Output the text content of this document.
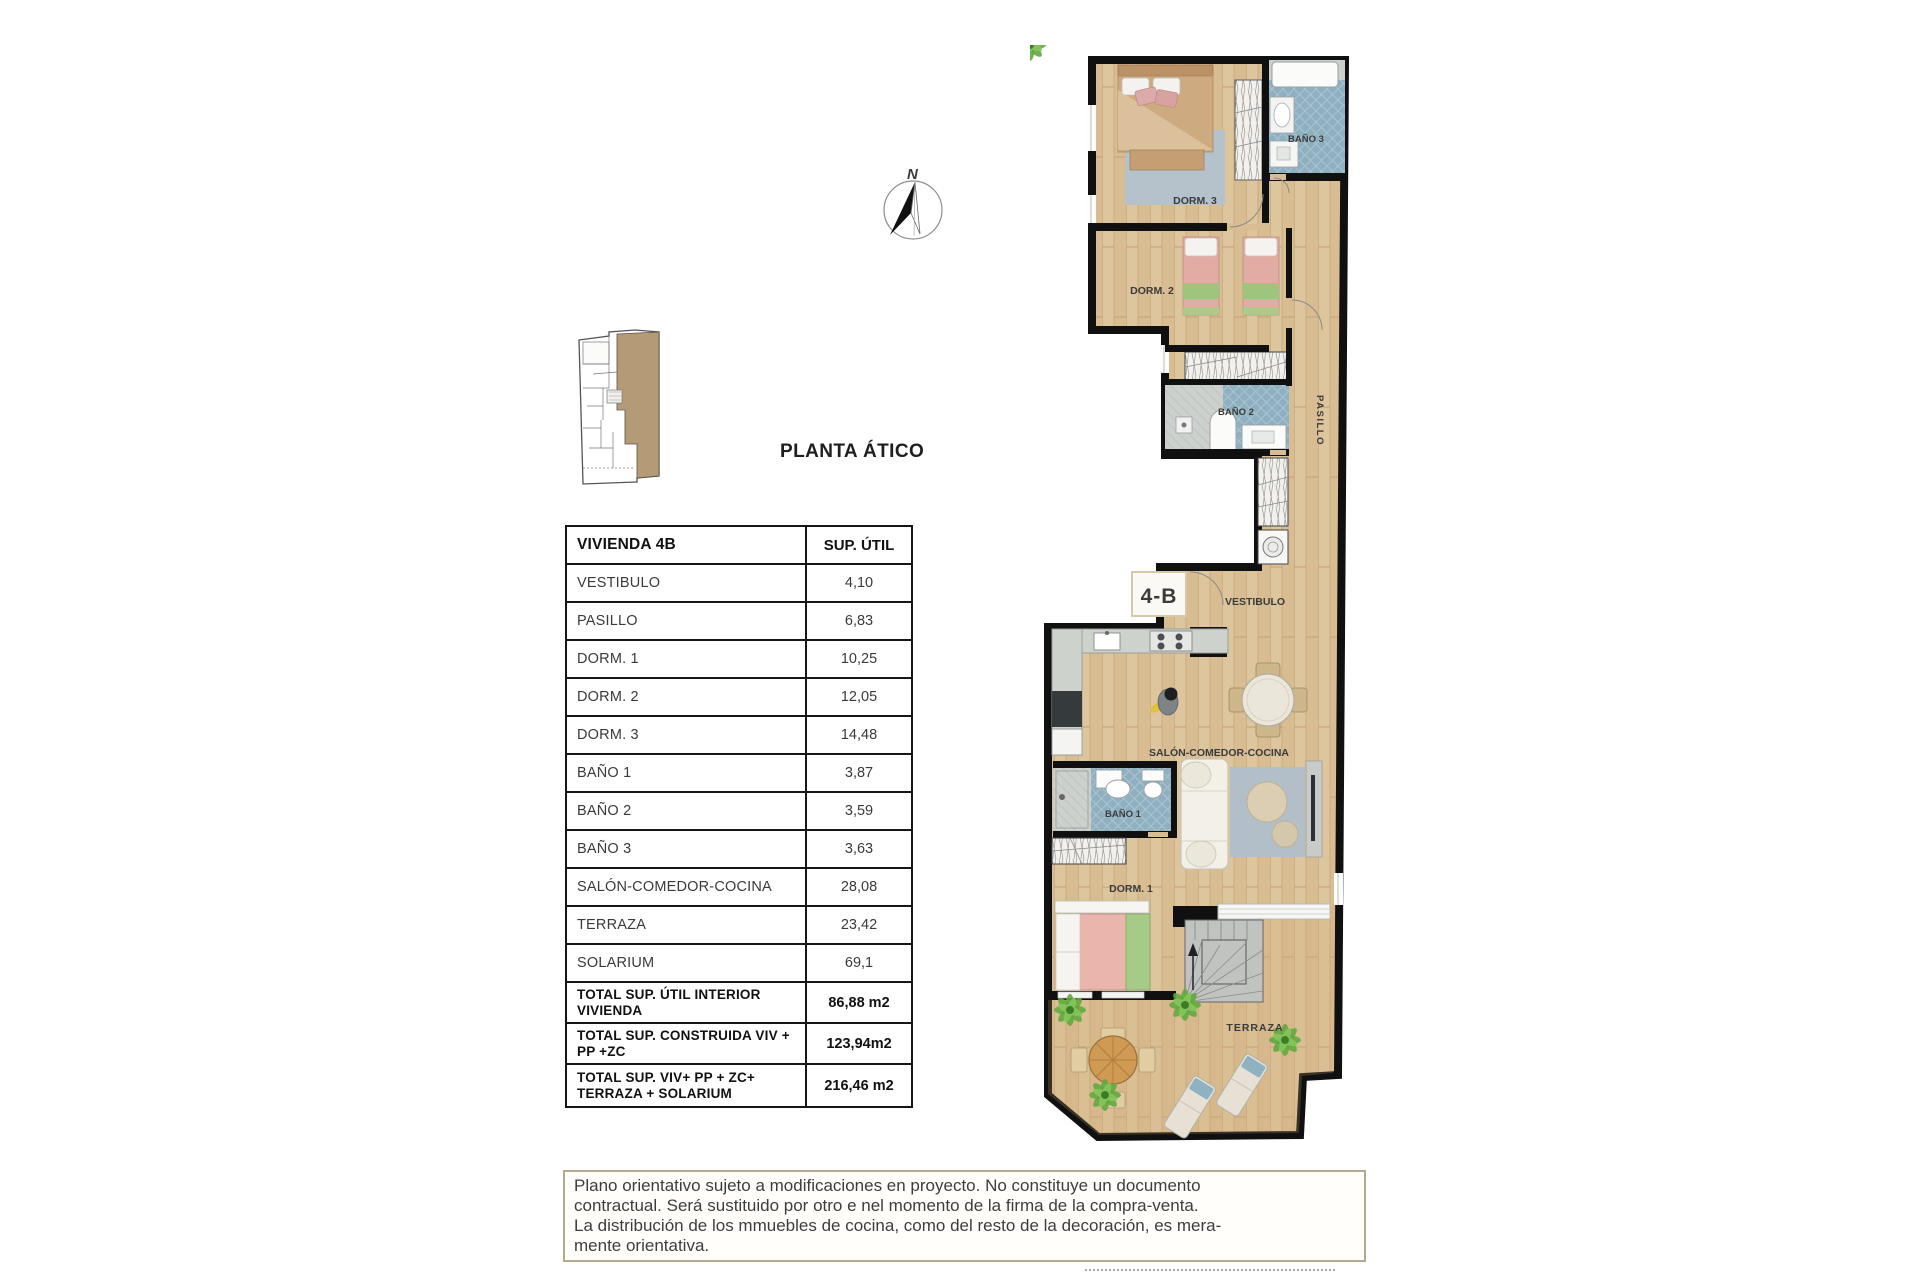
PLANTA ÁTICO
N
VIVIENDA 4B	SUP. ÚTIL
VESTIBULO	4,10
PASILLO	6,83
DORM. 1	10,25
DORM. 2	12,05
DORM. 3	14,48
BAÑO 1	3,87
BAÑO 2	3,59
BAÑO 3	3,63
SALÓN-COMEDOR-COCINA	28,08
TERRAZA	23,42
SOLARIUM	69,1
TOTAL SUP. ÚTIL INTERIOR VIVIENDA	86,88 m2
TOTAL SUP. CONSTRUIDA VIV + PP +ZC	123,94m2
TOTAL SUP. VIV+ PP + ZC+ TERRAZA + SOLARIUM	216,46 m2
4-B
DORM. 3
BAÑO 3
DORM. 2
BAÑO 2	PASILLO
VESTIBULO
SALÓN-COMEDOR-COCINA
BAÑO 1
DORM. 1
TERRAZA
Plano orientativo sujeto a modificaciones en proyecto. No constituye un documento
contractual. Será sustituido por otro e nel momento de la firma de la compra-venta.
La distribución de los mmuebles de cocina, como del resto de la decoración, es mera-
mente orientativa.
